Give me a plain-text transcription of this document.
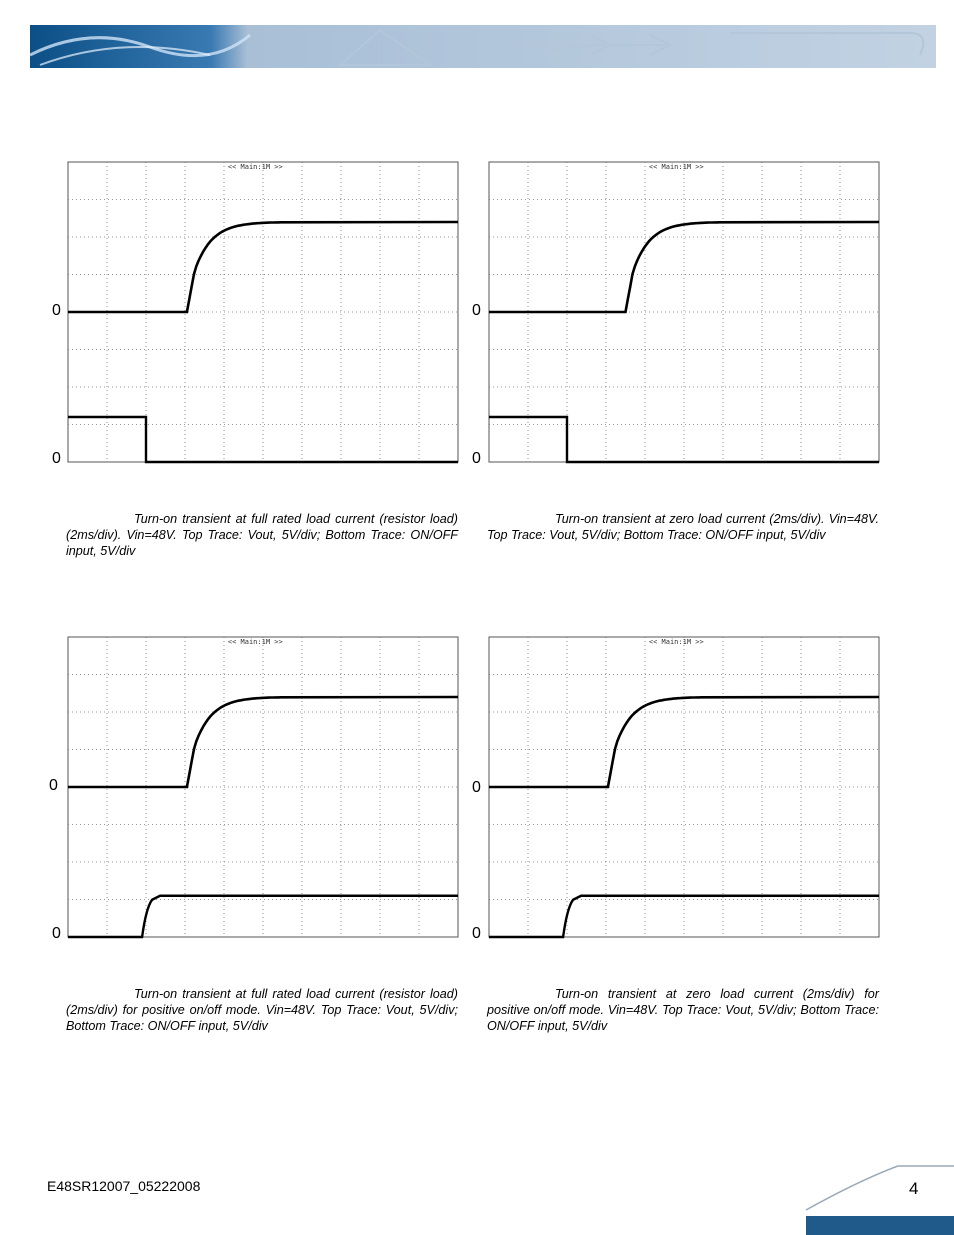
<< Main:1M >>
0
0
Turn-on transient at full rated load current (resistor load) (2ms/div). Vin=48V. Top Trace: Vout, 5V/div; Bottom Trace: ON/OFF input, 5V/div
<< Main:1M >>
0
0
Turn-on transient at zero load current (2ms/div). Vin=48V. Top Trace: Vout, 5V/div; Bottom Trace: ON/OFF input, 5V/div
<< Main:1M >>
0
0
Turn-on transient at full rated load current (resistor load) (2ms/div) for positive on/off mode. Vin=48V. Top Trace: Vout, 5V/div; Bottom Trace: ON/OFF input, 5V/div
<< Main:1M >>
0
0
Turn-on transient at zero load current (2ms/div) for positive on/off mode. Vin=48V. Top Trace: Vout, 5V/div; Bottom Trace: ON/OFF input, 5V/div
E48SR12007_05222008	4
